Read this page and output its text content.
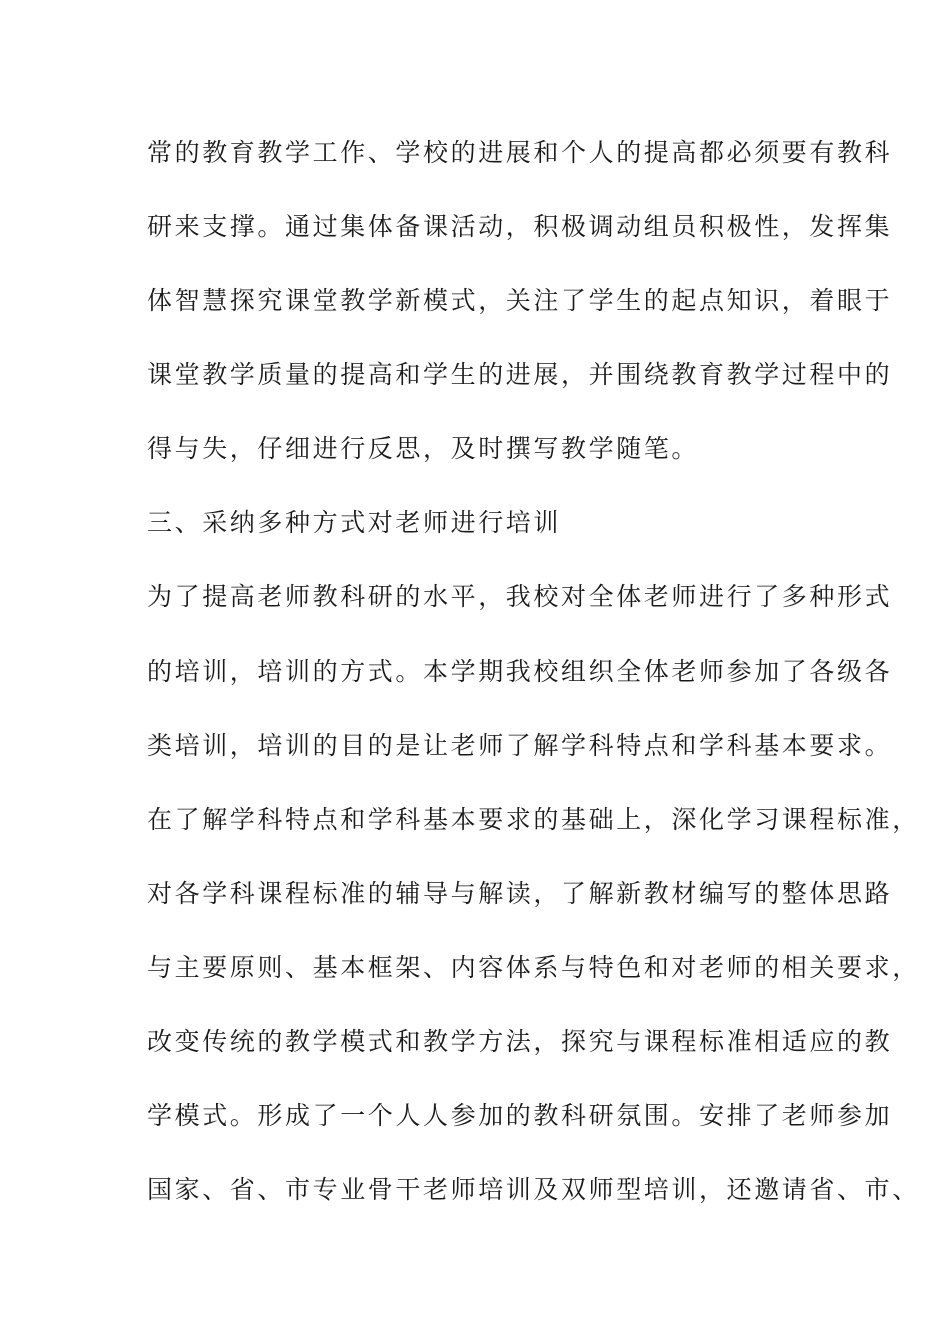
常的教育教学工作、学校的进展和个人的提高都必须要有教科
研来支撑。通过集体备课活动，积极调动组员积极性，发挥集
体智慧探究课堂教学新模式，关注了学生的起点知识，着眼于
课堂教学质量的提高和学生的进展，并围绕教育教学过程中的
得与失，仔细进行反思，及时撰写教学随笔。
三、采纳多种方式对老师进行培训
为了提高老师教科研的水平，我校对全体老师进行了多种形式
的培训，培训的方式。本学期我校组织全体老师参加了各级各
类培训，培训的目的是让老师了解学科特点和学科基本要求。
在了解学科特点和学科基本要求的基础上，深化学习课程标准，
对各学科课程标准的辅导与解读，了解新教材编写的整体思路
与主要原则、基本框架、内容体系与特色和对老师的相关要求，
改变传统的教学模式和教学方法，探究与课程标准相适应的教
学模式。形成了一个人人参加的教科研氛围。安排了老师参加
国家、省、市专业骨干老师培训及双师型培训，还邀请省、市、
